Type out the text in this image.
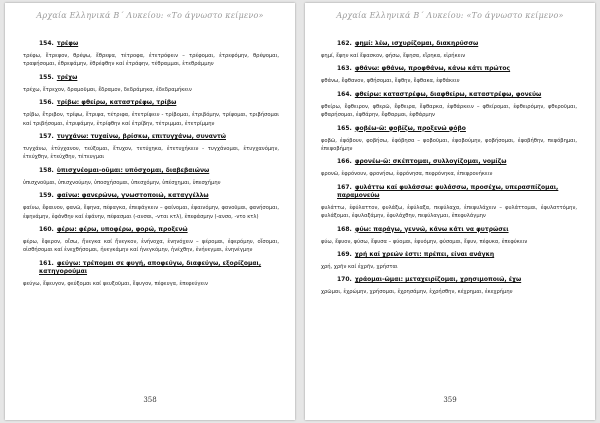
Αρχαία Ελληνικά Β΄ Λυκείου: «Το άγνωστο κείμενο»
154. τρέφω
τρέφω, ἔτρεφον, θρέψω, ἔθρεψα, τέτροφα, ἐτετρόφειν – τρέφομαι, ἐτρεφόμην, θρέψομαι, τραφήσομαι, ἐθρεψάμην, ἐθρέφθην καί ἐτράφην, τέθραμμαι, ἐτεθράμμην
155. τρέχω
τρέχω, ἔτρεχον, δραμοῦμαι, ἔδραμον, δεδράμηκα, ἐδεδραμήκειν
156. τρίβω: φθείρω, καταστρέφω, τρίβω
τρίβω, ἔτριβον, τρίψω, ἔτριψα, τέτριφα, ἐτετρίφειν - τρίβομαι, ἐτριβόμην, τρίψομαι, τριβήσομαι καί τριβήσομαι, ἐτριψάμην, ἐτρίφθην καί ἐτρίβην, τέτριμμαι, ἐτετρίμμην
157. τυγχάνω: τυχαίνω, βρίσκω, επιτυγχάνω, συναντώ
τυγχάνω, ἐτύγχανον, τεύξομαι, ἔτυχον, τετύχηκα, ἐτετυχήκειν - τυγχάνομαι, ἐτυγχανόμην, ἐτεύχθην, ἐτεύχθην, τέτευγμαι
158. ὑπισχνέομαι-οῦμαι: υπόσχομαι, διαβεβαιώνω
ὑπισχνοῦμαι, ὑπισχνούμην, ὑποσχήσομαι, ὑπεσχόμην, ὑπέσχημαι, ὑπεσχήμην
159. φαίνω: φανερώνω, γνωστοποιώ, καταγγέλλω
φαίνω, ἔφαινον, φανῶ, ἔφηνα, πέφαγκα, ἐπεφάγκειν – φαίνομαι, ἐφαινόμην, φανοῦμαι, φανήσομαι, ἐφηνάμην, ἐφάνθην καί ἐφάνην, πέφασμαι (-ανσαι, -νται κτλ), ἐπεφάσμην (-ανσο, -ντο κτλ)
160. φέρω: φέρω, υποφέρω, φορώ, προξενώ
φέρω, ἔφερον, οἴσω, ἤνεγκα καί ἤνεγκον, ἐνήνοχα, ἐνηνόχειν – φέρομαι, ἐφερόμην, οἴσομαι, οἰσθήσομαι καί ἐνεχθήσομαι, ἠνεγκάμην καί ἠνεγκόμην, ἠνέχθην, ἐνήνεγμαι, ἐνηνέγμην
161. φεύγω: τρέπομαι σε φυγή, αποφεύγω, διαφεύγω, εξορίζομαι, κατηγορούμαι
φεύγω, ἔφευγον, φεύξομαι καί φευξοῦμαι, ἔφυγον, πέφευγα, ἐπεφεύγειν
358
Αρχαία Ελληνικά Β΄ Λυκείου: «Το άγνωστο κείμενο»
162. φημί: λέω, ισχυρίζομαι, διακηρύσσω
φημί, ἔφην καί ἔφασκον, φήσω, ἔφησα, εἴρηκα, εἰρήκειν
163. φθάνω: φθάνω, προφθάνω, κάνω κάτι πρώτος
φθάνω, ἔφθανον, φθήσομαι, ἔφθην, ἔφθακα, ἐφθάκειν
164. φθείρω: καταστρέφω, διαφθείρω, καταστρέφω, φονεύω
φθείρω, ἔφθειρον, φθερῶ, ἔφθειρα, ἔφθαρκα, ἐφθάρκειν – φθείρομαι, ἐφθειρόμην, φθεροῦμαι, φθαρήσομαι, ἐφθάρην, ἔφθαρμαι, ἐφθάρμην
165. φοβέω-ῶ: φοβίζω, προξενώ φόβο
φοβῶ, ἐφόβουν, φοβήσω, ἐφόβησα – φοβοῦμαι, ἐφοβούμην, φοβήσομαι, ἐφοβήθην, πεφόβημαι, ἐπεφοβήμην
166. φρονέω-ῶ: σκέπτομαι, συλλογίζομαι, νομίζω
φρονῶ, ἐφρόνουν, φρονήσω, ἐφρόνησα, πεφρόνηκα, ἐπεφρονήκειν
167. φυλάττω καί φυλάσσω: φυλάσσω, προσέχω, υπερασπίζομαι, παραμονεύω
φυλάττω, ἐφύλαττον, φυλάξω, ἐφύλαξα, πεφύλαχα, ἐπεφυλάχειν – φυλάττομαι, ἐφυλαττόμην, φυλάξομαι, ἐφυλαξάμην, ἐφυλάχθην, πεφύλαγμαι, ἐπεφυλάγμην
168. φύω: παράγω, γεννώ, κάνω κάτι να φυτρώσει
φύω, ἔφυον, φύσω, ἔφυσα – φύομαι, ἐφυόμην, φύσομαι, ἔφυν, πέφυκα, ἐπεφύκειν
169. χρή καί χρεών ἐστι: πρέπει, είναι ανάγκη
χρή, χρῆν καί ἐχρῆν, χρήσται
170. χράομαι-ῶμαι: μεταχειρίζομαι, χρησιμοποιώ, έχω
χρῶμαι, ἐχρώμην, χρήσομαι, ἐχρησάμην, ἐχρήσθην, κέχρημαι, ἐκεχρήμην
359
